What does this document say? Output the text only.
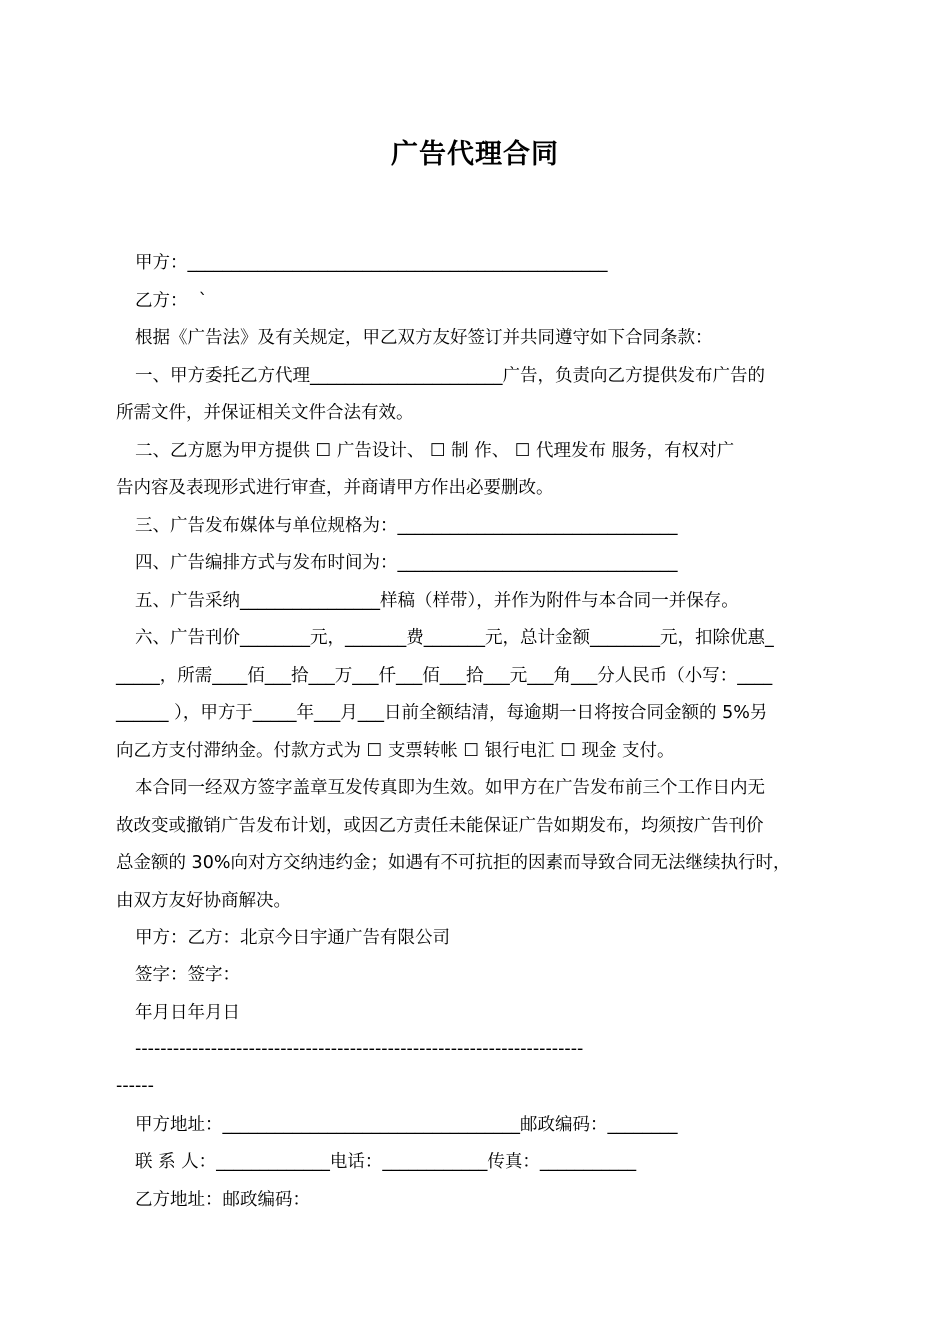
广告代理合同

甲方：________________________________________________

乙方：  `

根据《广告法》及有关规定，甲乙双方友好签订并共同遵守如下合同条款：

一、甲方委托乙方代理______________________广告，负责向乙方提供发布广告的

所需文件，并保证相关文件合法有效。

二、乙方愿为甲方提供 ☐ 广告设计、 ☐ 制 作、 ☐ 代理发布 服务，有权对广

告内容及表现形式进行审查，并商请甲方作出必要删改。

三、广告发布媒体与单位规格为：________________________________

四、广告编排方式与发布时间为：________________________________

五、广告采纳________________样稿（样带），并作为附件与本合同一并保存。

六、广告刊价________元，_______费_______元，总计金额________元，扣除优惠_

_____，所需____佰___拾___万___仟___佰___拾___元___角___分人民币（小写：____

______ ），甲方于_____年___月___日前全额结清，每逾期一日将按合同金额的 5%另

向乙方支付滞纳金。付款方式为 ☐ 支票转帐 ☐ 银行电汇 ☐ 现金 支付。

本合同一经双方签字盖章互发传真即为生效。如甲方在广告发布前三个工作日内无

故改变或撤销广告发布计划，或因乙方责任未能保证广告如期发布，均须按广告刊价

总金额的 30%向对方交纳违约金；如遇有不可抗拒的因素而导致合同无法继续执行时，

由双方友好协商解决。

甲方：乙方：北京今日宇通广告有限公司

签字：签字：

年月日年月日

-----------------------------------------------------------------------

------

甲方地址：__________________________________邮政编码：________

联 系 人：_____________电话：____________传真：___________

乙方地址：邮政编码：
